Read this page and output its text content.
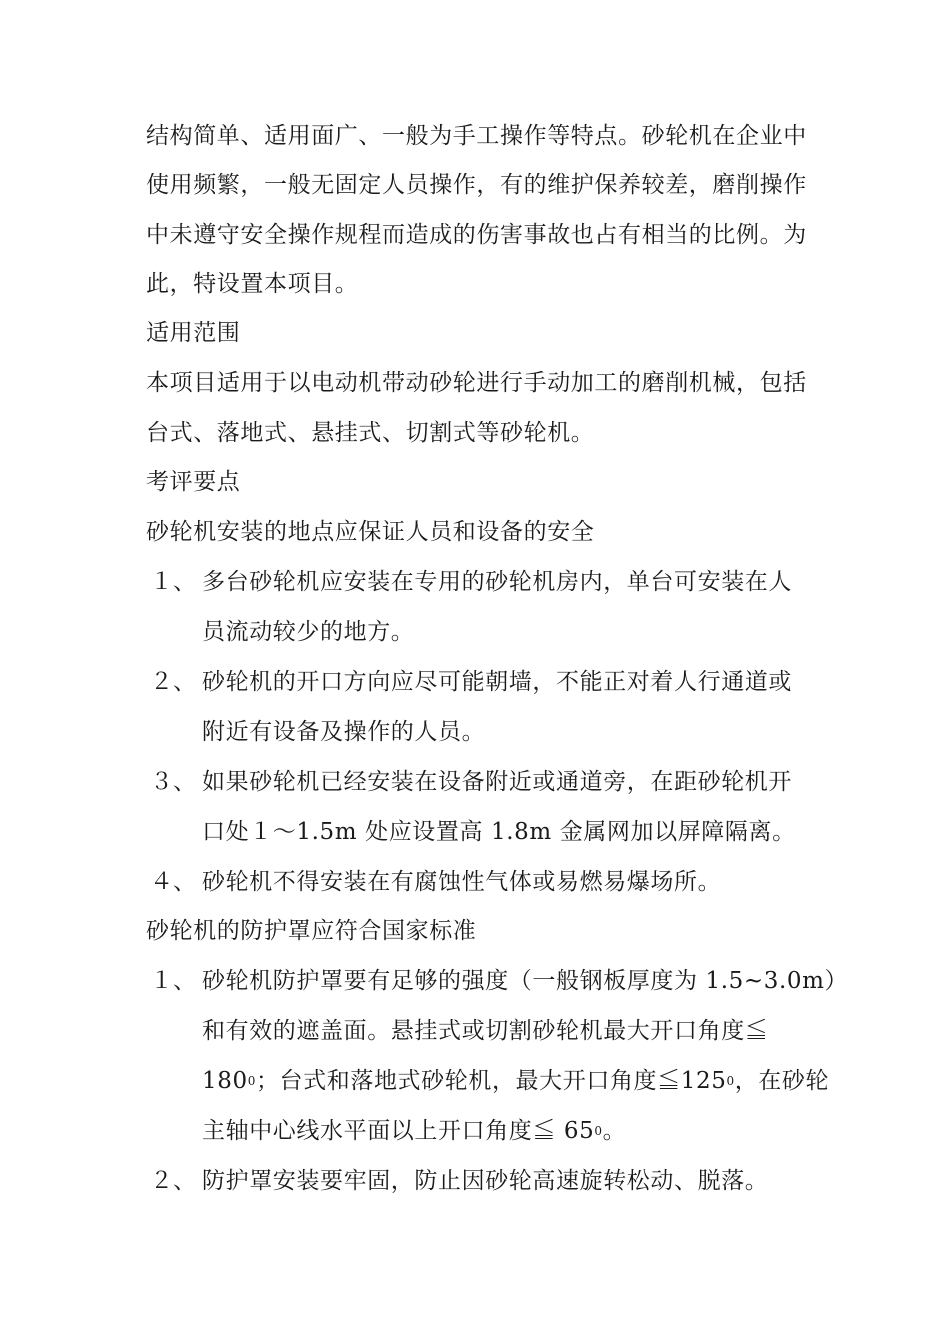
结构简单、适用面广、一般为手工操作等特点。砂轮机在企业中
使用频繁，一般无固定人员操作，有的维护保养较差，磨削操作
中未遵守安全操作规程而造成的伤害事故也占有相当的比例。为
此，特设置本项目。
适用范围
本项目适用于以电动机带动砂轮进行手动加工的磨削机械，包括
台式、落地式、悬挂式、切割式等砂轮机。
考评要点
砂轮机安装的地点应保证人员和设备的安全
１、 多台砂轮机应安装在专用的砂轮机房内，单台可安装在人
员流动较少的地方。
２、 砂轮机的开口方向应尽可能朝墙，不能正对着人行通道或
附近有设备及操作的人员。
３、 如果砂轮机已经安装在设备附近或通道旁，在距砂轮机开
口处１～1.5m 处应设置高 1.8m 金属网加以屏障隔离。
４、 砂轮机不得安装在有腐蚀性气体或易燃易爆场所。
砂轮机的防护罩应符合国家标准
１、 砂轮机防护罩要有足够的强度（一般钢板厚度为 1.5~3.0m）
和有效的遮盖面。悬挂式或切割砂轮机最大开口角度≦
$180^0$；台式和落地式砂轮机，最大开口角度$≦125^0$，在砂轮
主轴中心线水平面以上开口角度≦ $65^0$。
２、 防护罩安装要牢固，防止因砂轮高速旋转松动、脱落。
